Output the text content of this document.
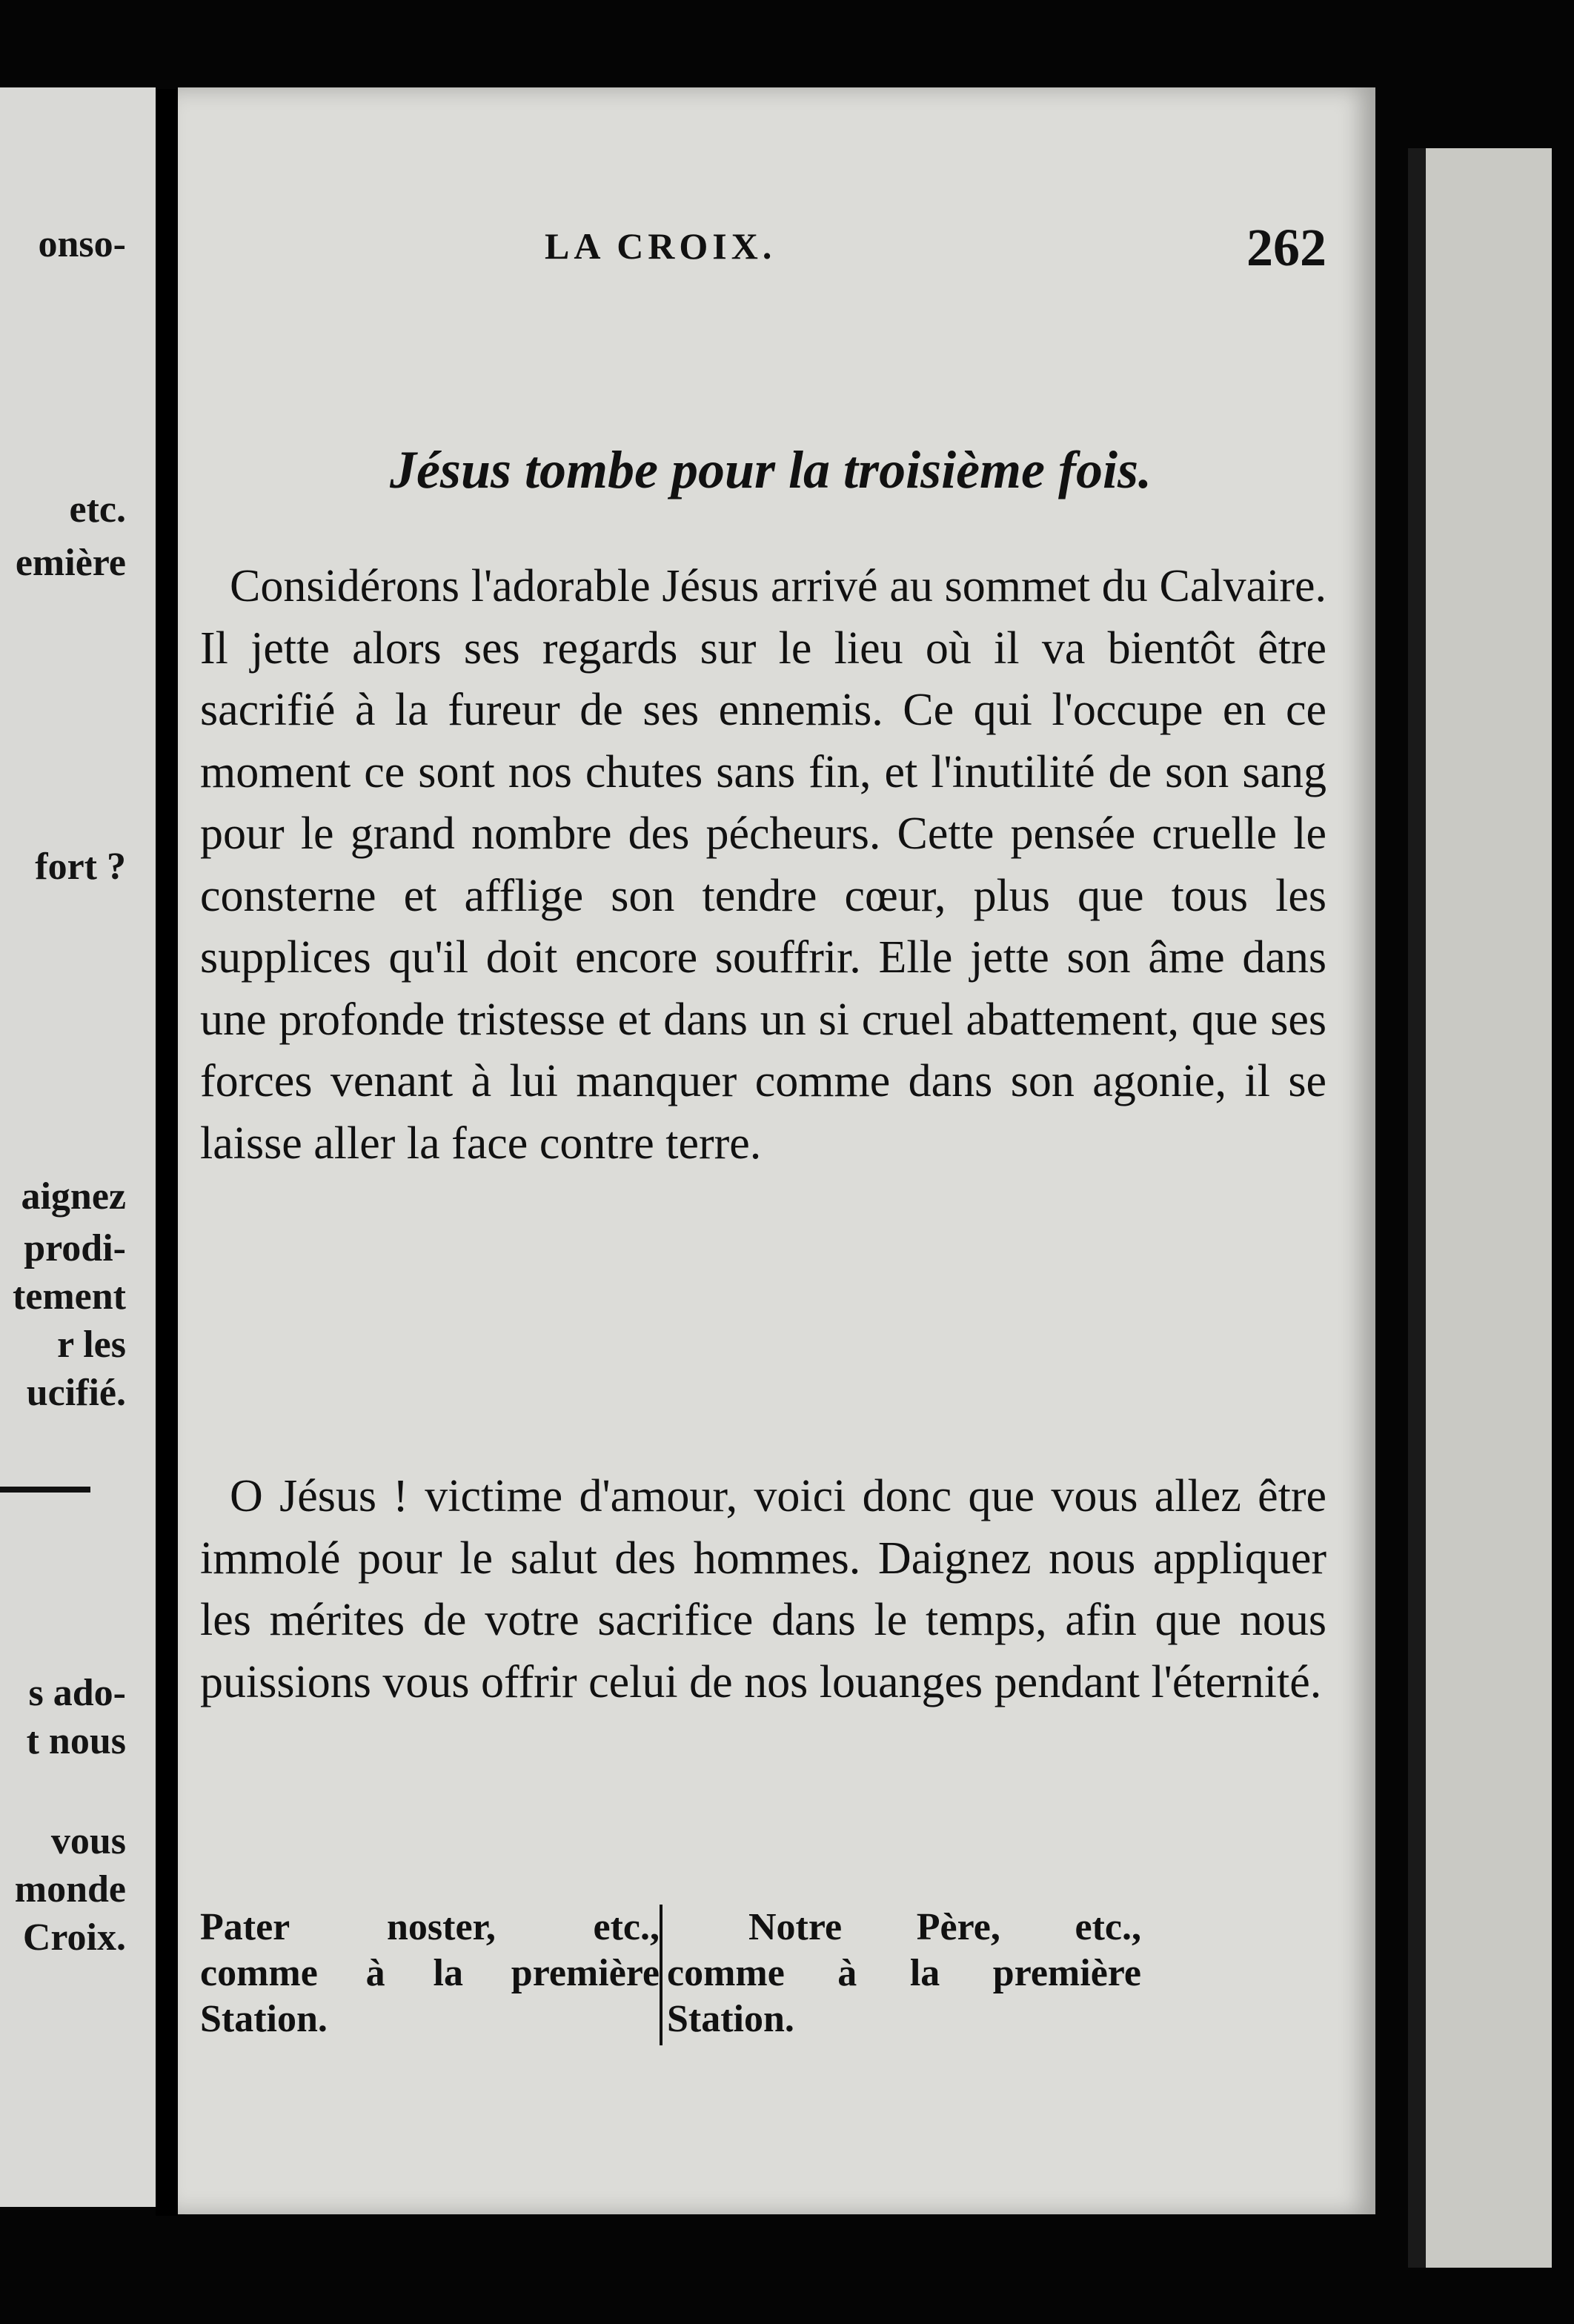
onso-
etc.
emière
fort ?
aignez
prodi-
tement
r les
ucifié.
s ado-
t nous
vous
monde
Croix.
LA CROIX.	262
Jésus tombe pour la troisième fois.
Considérons l'adorable Jésus arrivé au sommet du Calvaire. Il jette alors ses regards sur le lieu où il va bientôt être sacrifié à la fureur de ses ennemis. Ce qui l'occupe en ce moment ce sont nos chutes sans fin, et l'inutilité de son sang pour le grand nombre des pécheurs. Cette pensée cruelle le consterne et afflige son tendre cœur, plus que tous les supplices qu'il doit encore souffrir. Elle jette son âme dans une profonde tristesse et dans un si cruel abattement, que ses forces venant à lui manquer comme dans son agonie, il se laisse aller la face contre terre.
O Jésus ! victime d'amour, voici donc que vous allez être immolé pour le salut des hommes. Daignez nous appliquer les mérites de votre sacrifice dans le temps, afin que nous puissions vous offrir celui de nos louanges pendant l'éternité.
Pater noster, etc.,
comme à la première
Station.
Notre Père, etc.,
comme à la première
Station.
